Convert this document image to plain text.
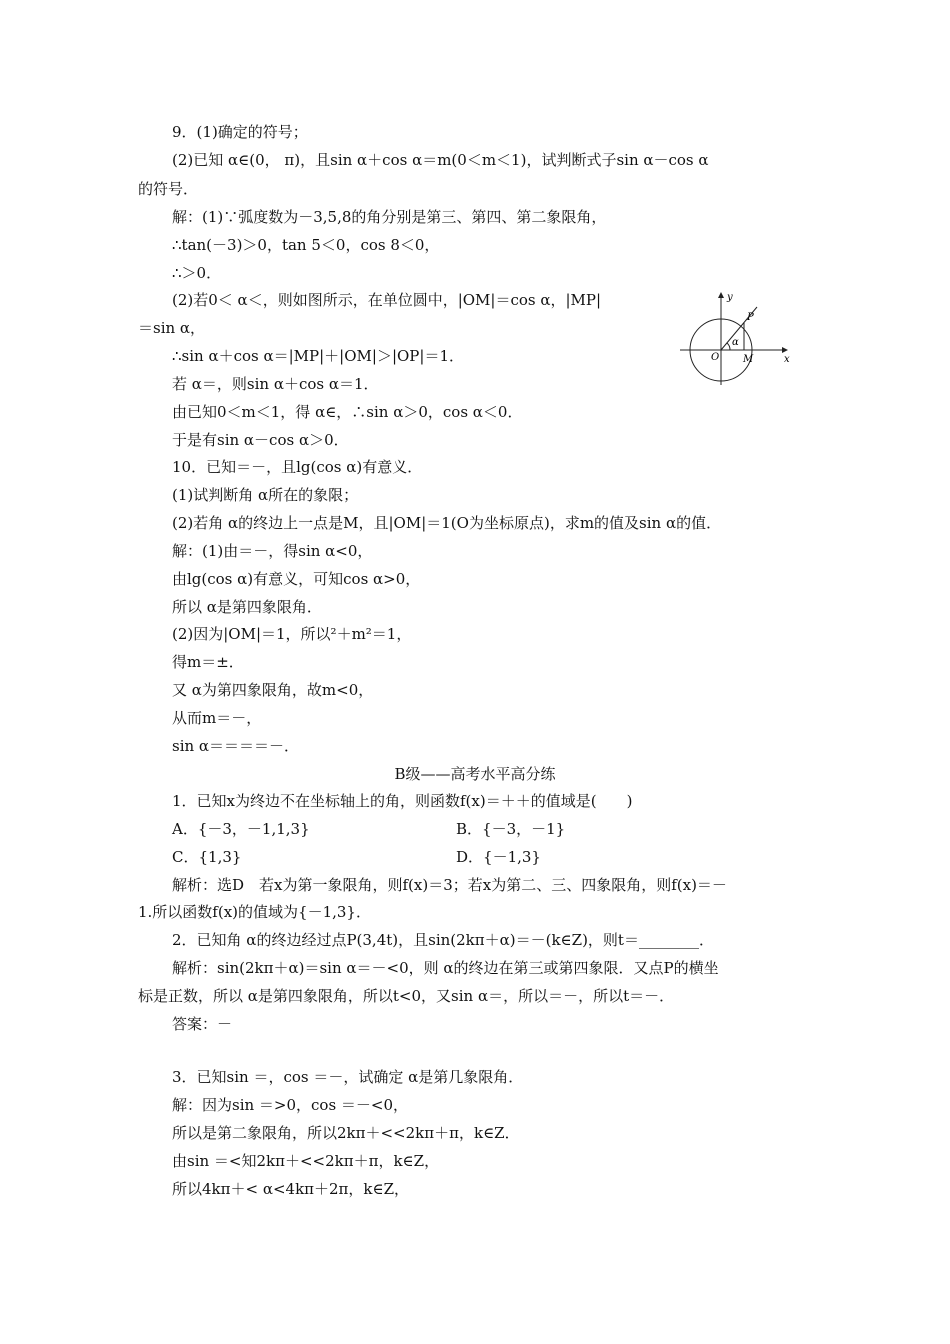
9．(1)确定的符号；
(2)已知 α∈(0， π)，且sin α＋cos α＝m(0＜m＜1)，试判断式子sin α－cos α
的符号．
解：(1)∵弧度数为－3,5,8的角分别是第三、第四、第二象限角，
∴tan(－3)＞0，tan 5＜0，cos 8＜0，
∴＞0．
(2)若0＜ α＜，则如图所示，在单位圆中，|OM|＝cos α，|MP|
＝sin α，
∴sin α＋cos α＝|MP|＋|OM|＞|OP|＝1．
若 α＝，则sin α＋cos α＝1．
由已知0＜m＜1，得 α∈，∴sin α＞0，cos α＜0．
于是有sin α－cos α＞0．
10．已知＝－，且lg(cos α)有意义．
(1)试判断角 α所在的象限；
(2)若角 α的终边上一点是M，且|OM|＝1(O为坐标原点)，求m的值及sin α的值．
解：(1)由＝－，得sin α<0，
由lg(cos α)有意义，可知cos α>0，
所以 α是第四象限角．
(2)因为|OM|＝1，所以²＋m²＝1，
得m＝±．
又 α为第四象限角，故m<0，
从而m＝－，
sin α＝＝＝＝－．
y
x
O M
P
α
B级——高考水平高分练
1．已知x为终边不在坐标轴上的角，则函数f(x)＝＋＋的值域是(　　)
A．{－3，－1,1,3}	B．{－3，－1}
C．{1,3}	D．{－1,3}
解析：选D　若x为第一象限角，则f(x)＝3；若x为第二、三、四象限角，则f(x)＝－
1.所以函数f(x)的值域为{－1,3}．
2．已知角 α的终边经过点P(3,4t)，且sin(2kπ＋α)＝－(k∈Z)，则t＝________．
解析：sin(2kπ＋α)＝sin α＝－<0，则 α的终边在第三或第四象限．又点P的横坐
标是正数，所以 α是第四象限角，所以t<0，又sin α＝，所以＝－，所以t＝－．
答案：－
3．已知sin ＝，cos ＝－，试确定 α是第几象限角．
解：因为sin ＝>0，cos ＝－<0，
所以是第二象限角，所以2kπ＋<<2kπ＋π，k∈Z．
由sin ＝<知2kπ＋<<2kπ＋π，k∈Z，
所以4kπ＋< α<4kπ＋2π，k∈Z，
